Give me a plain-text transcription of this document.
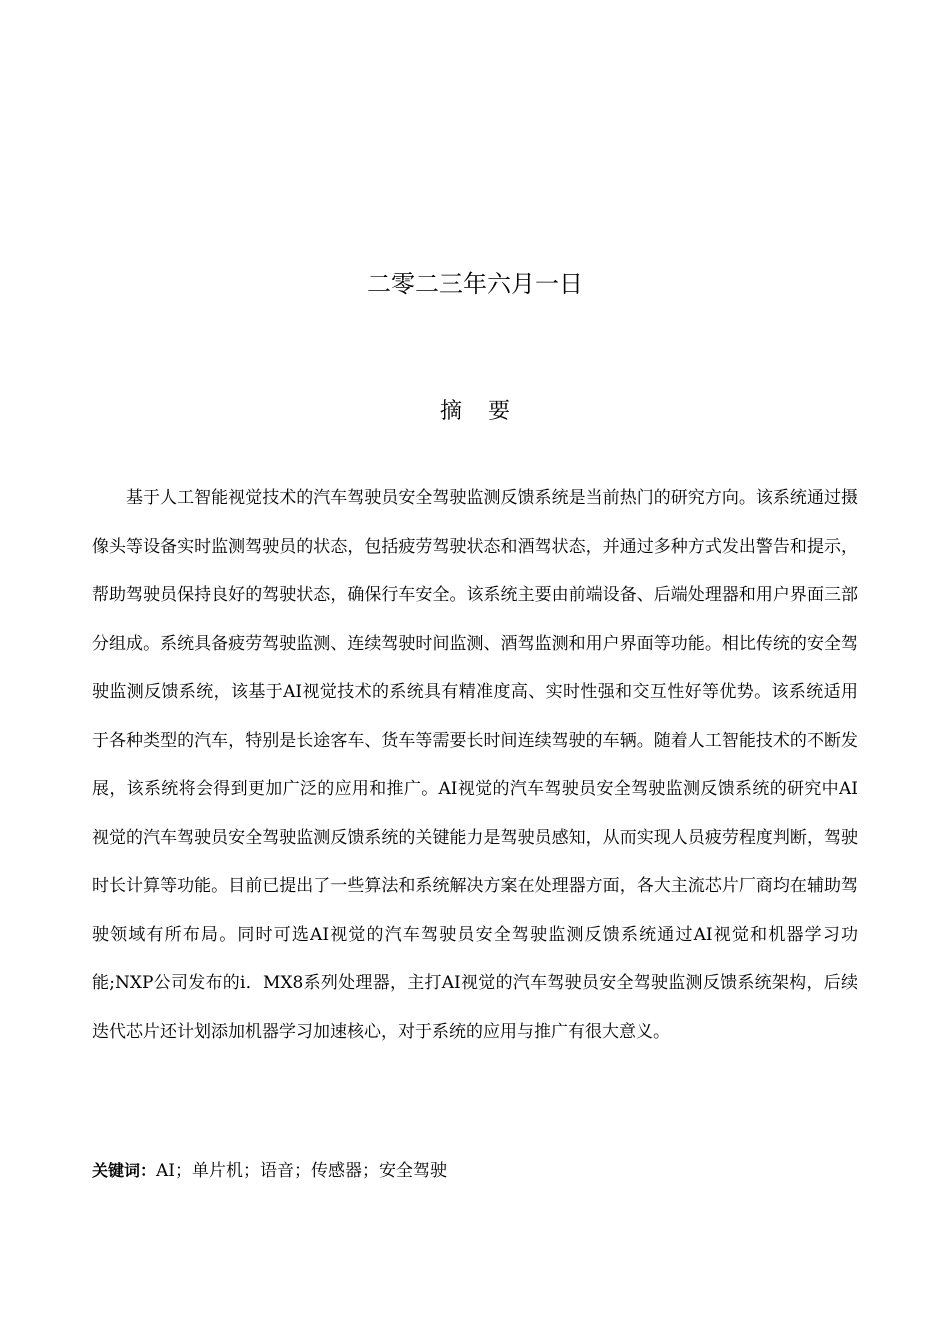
二零二三年六月一日
摘要

基于人工智能视觉技术的汽车驾驶员安全驾驶监测反馈系统是当前热门的研究方向。该系统通过摄像头等设备实时监测驾驶员的状态，包括疲劳驾驶状态和酒驾状态，并通过多种方式发出警告和提示，帮助驾驶员保持良好的驾驶状态，确保行车安全。该系统主要由前端设备、后端处理器和用户界面三部分组成。系统具备疲劳驾驶监测、连续驾驶时间监测、酒驾监测和用户界面等功能。相比传统的安全驾驶监测反馈系统，该基于AI视觉技术的系统具有精准度高、实时性强和交互性好等优势。该系统适用于各种类型的汽车，特别是长途客车、货车等需要长时间连续驾驶的车辆。随着人工智能技术的不断发展，该系统将会得到更加广泛的应用和推广。AI视觉的汽车驾驶员安全驾驶监测反馈系统的研究中AI视觉的汽车驾驶员安全驾驶监测反馈系统的关键能力是驾驶员感知，从而实现人员疲劳程度判断，驾驶时长计算等功能。目前已提出了一些算法和系统解决方案在处理器方面，各大主流芯片厂商均在辅助驾驶领域有所布局。同时可选AI视觉的汽车驾驶员安全驾驶监测反馈系统通过AI视觉和机器学习功能;NXP公司发布的i．MX8系列处理器，主打AI视觉的汽车驾驶员安全驾驶监测反馈系统架构，后续迭代芯片还计划添加机器学习加速核心，对于系统的应用与推广有很大意义。

关键词：AI；单片机；语音；传感器；安全驾驶
